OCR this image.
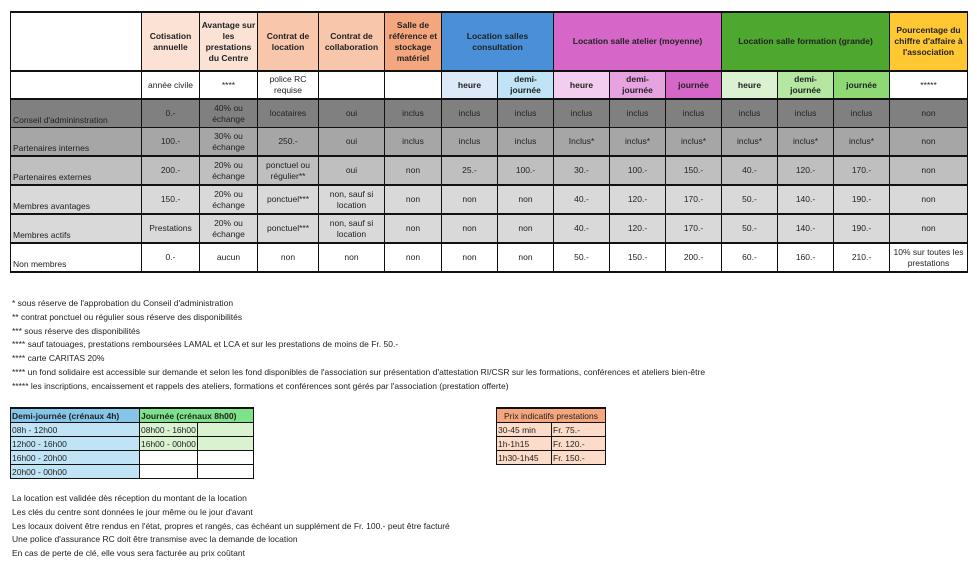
	Cotisation annuelle	Avantage sur les prestations du Centre	Contrat de location	Contrat de collaboration	Salle de référence et stockage matériel	Location salles consultation		Location salle atelier (moyenne)			Location salle formation (grande)			Pourcentage du chiffre d'affaire à l'association
	année civile	****	police RC requise			heure	demi-journée	heure	demi-journée	journée	heure	demi-journée	journée	*****
Conseil d'admininstration	0.-	40% ou échange	locataires	oui	inclus	inclus	inclus	inclus	inclus	inclus	inclus	inclus	inclus	non
Partenaires internes	100.-	30% ou échange	250.-	oui	inclus	inclus	inclus	Inclus*	inclus*	inclus*	inclus*	inclus*	inclus*	non
Partenaires externes	200.-	20% ou échange	ponctuel ou régulier**	oui	non	25.-	100.-	30.-	100.-	150.-	40.-	120.-	170.-	non
Membres avantages	150.-	20% ou échange	ponctuel***	non, sauf si location	non	non	non	40.-	120.-	170.-	50.-	140.-	190.-	non
Membres actifs	Prestations	20% ou échange	ponctuel***	non, sauf si location	non	non	non	40.-	120.-	170.-	50.-	140.-	190.-	non
Non membres	0.-	aucun	non	non	non	non	non	50.-	150.-	200.-	60.-	160.-	210.-	10% sur toutes les prestations
* sous réserve de l'approbation du Conseil d'administration
** contrat ponctuel ou régulier sous réserve des disponibilités
*** sous réserve des disponibilités
**** sauf tatouages, prestations remboursées LAMAL et LCA et sur les prestations de moins de Fr. 50.-
**** carte CARITAS 20%
**** un fond solidaire est accessible sur demande et selon les fond disponibles de l'association sur présentation d'attestation RI/CSR sur les formations, conférences et ateliers bien-être
***** les inscriptions, encaissement et rappels des ateliers, formations et conférences sont gérés par l'association (prestation offerte)
Demi-journée (crénaux 4h)	Journée (crénaux 8h00)	
08h - 12h00	08h00 - 16h00	
12h00 - 16h00	16h00 - 00h00	
16h00 - 20h00		
20h00 - 00h00		
Prix indicatifs prestations	
30-45 min	Fr. 75.-
1h-1h15	Fr. 120.-
1h30-1h45	Fr. 150.-
La location est validée dès réception du montant de la location
Les clés du centre sont données le jour même ou le jour d'avant
Les locaux doivent être rendus en l'état, propres et rangés, cas échéant un supplément de Fr. 100.- peut être facturé
Une police d'assurance RC doit être transmise avec la demande de location
En cas de perte de clé, elle vous sera facturée au prix coûtant
